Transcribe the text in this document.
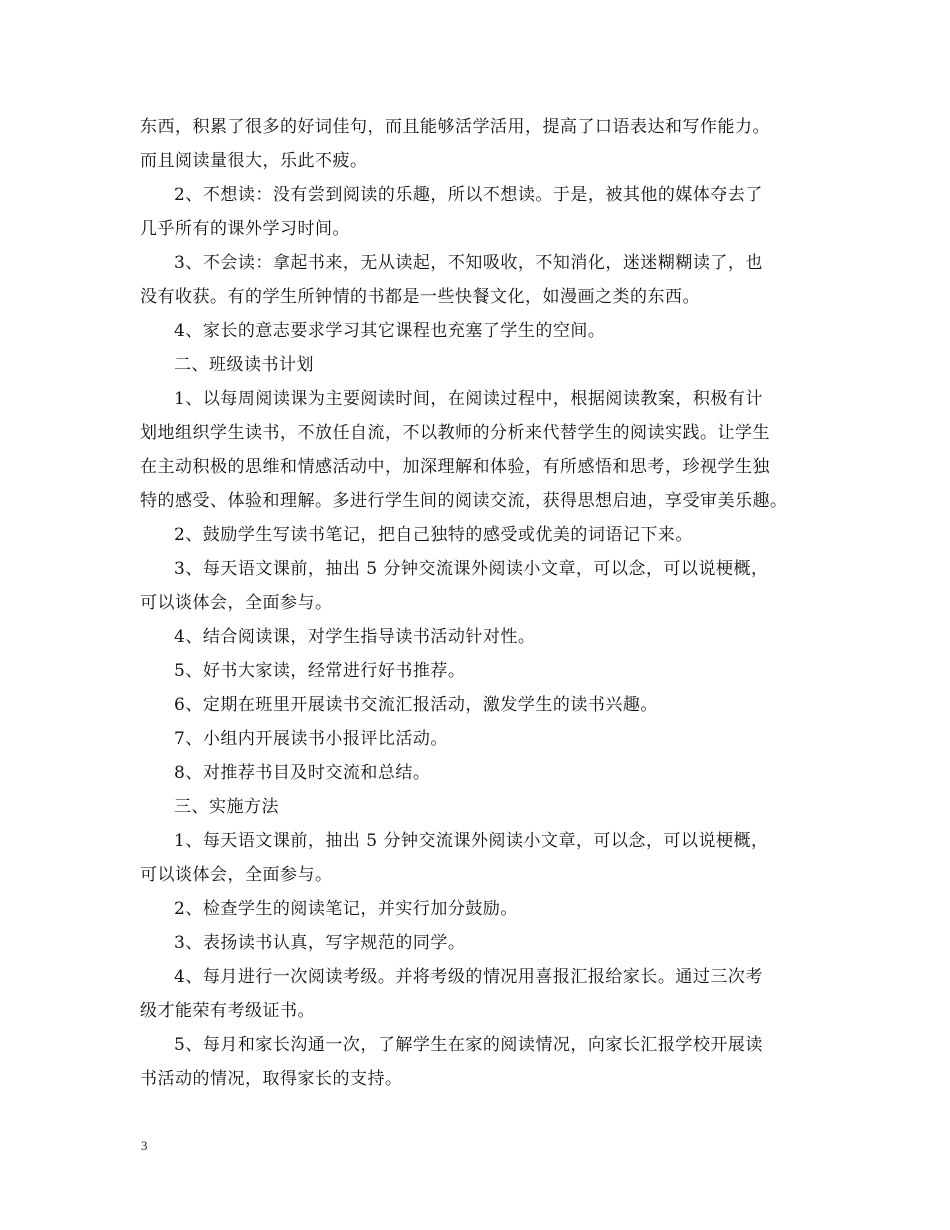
东西，积累了很多的好词佳句，而且能够活学活用，提高了口语表达和写作能力。
而且阅读量很大，乐此不疲。
2、不想读：没有尝到阅读的乐趣，所以不想读。于是，被其他的媒体夺去了
几乎所有的课外学习时间。
3、不会读：拿起书来，无从读起，不知吸收，不知消化，迷迷糊糊读了，也
没有收获。有的学生所钟情的书都是一些快餐文化，如漫画之类的东西。
4、家长的意志要求学习其它课程也充塞了学生的空间。
二、班级读书计划
1、以每周阅读课为主要阅读时间，在阅读过程中，根据阅读教案，积极有计
划地组织学生读书，不放任自流，不以教师的分析来代替学生的阅读实践。让学生
在主动积极的思维和情感活动中，加深理解和体验，有所感悟和思考，珍视学生独
特的感受、体验和理解。多进行学生间的阅读交流，获得思想启迪，享受审美乐趣。
2、鼓励学生写读书笔记，把自己独特的感受或优美的词语记下来。
3、每天语文课前，抽出 5 分钟交流课外阅读小文章，可以念，可以说梗概，
可以谈体会，全面参与。
4、结合阅读课，对学生指导读书活动针对性。
5、好书大家读，经常进行好书推荐。
6、定期在班里开展读书交流汇报活动，激发学生的读书兴趣。
7、小组内开展读书小报评比活动。
8、对推荐书目及时交流和总结。
三、实施方法
1、每天语文课前，抽出 5 分钟交流课外阅读小文章，可以念，可以说梗概，
可以谈体会，全面参与。
2、检查学生的阅读笔记，并实行加分鼓励。
3、表扬读书认真，写字规范的同学。
4、每月进行一次阅读考级。并将考级的情况用喜报汇报给家长。通过三次考
级才能荣有考级证书。
5、每月和家长沟通一次，了解学生在家的阅读情况，向家长汇报学校开展读
书活动的情况，取得家长的支持。
3
